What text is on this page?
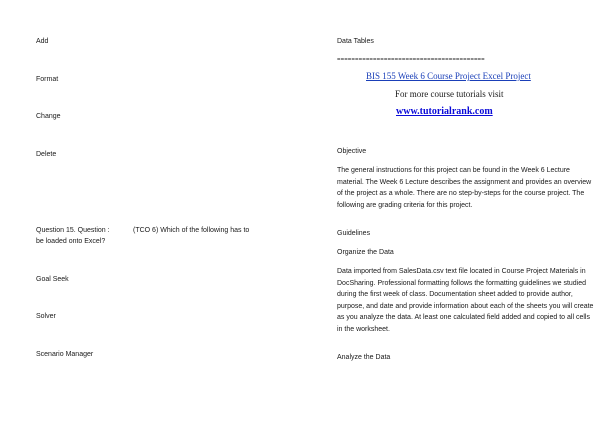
Add
Format
Change
Delete
Question 15. Question :	(TCO 6) Which of the following has to
be loaded onto Excel?
Goal Seek
Solver
Scenario Manager
Data Tables
=========================================
BIS 155 Week 6 Course Project Excel Project
For more course tutorials visit
www.tutorialrank.com
Objective
The general instructions for this project can be found in the Week 6 Lecture material. The Week 6 Lecture describes the assignment and provides an overview of the project as a whole. There are no step-by-steps for the course project. The following are grading criteria for this project.
Guidelines
Organize the Data
Data imported from SalesData.csv text file located in Course Project Materials in DocSharing. Professional formatting follows the formatting guidelines we studied during the first week of class. Documentation sheet added to provide author, purpose, and date and provide information about each of the sheets you will create as you analyze the data. At least one calculated field added and copied to all cells in the worksheet.
Analyze the Data
